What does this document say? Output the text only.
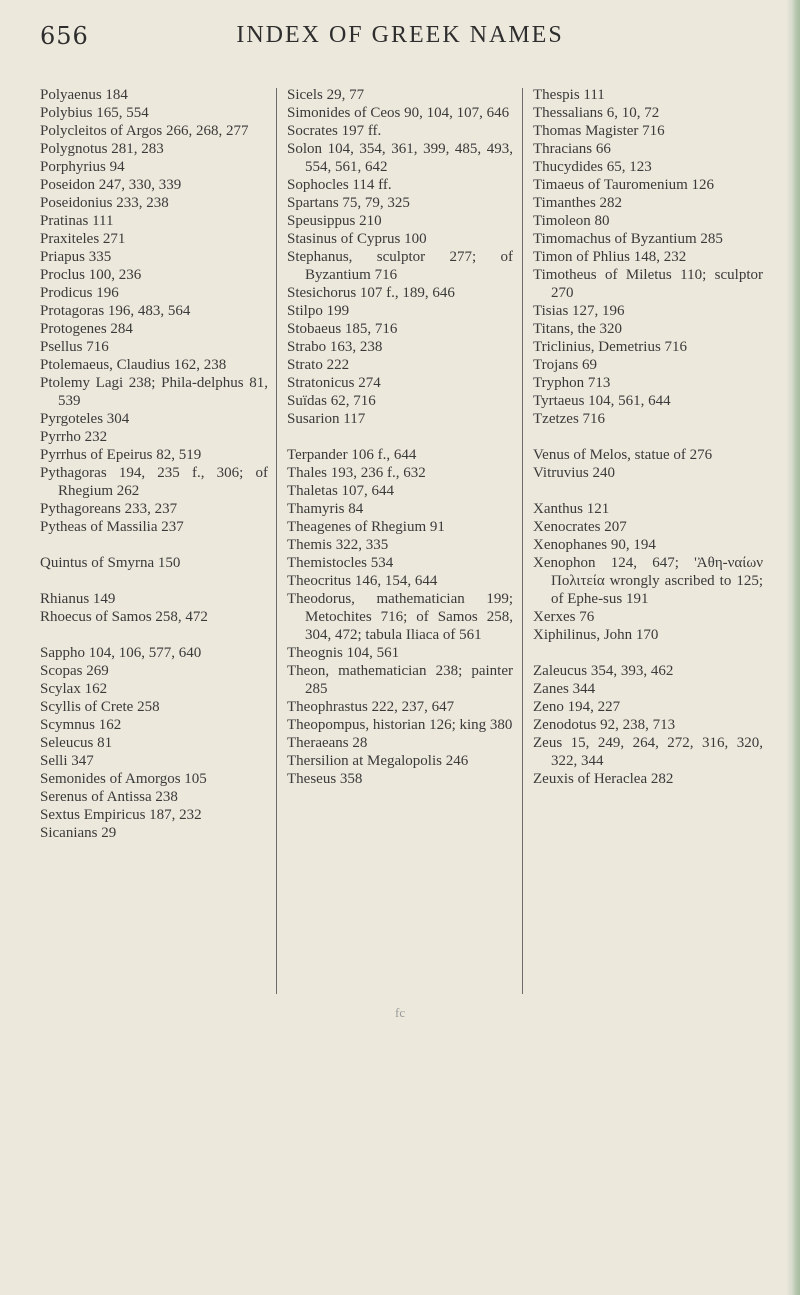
656	INDEX OF GREEK NAMES
Polyaenus 184
Polybius 165, 554
Polycleitos of Argos 266, 268, 277
Polygnotus 281, 283
Porphyrius 94
Poseidon 247, 330, 339
Poseidonius 233, 238
Pratinas 111
Praxiteles 271
Priapus 335
Proclus 100, 236
Prodicus 196
Protagoras 196, 483, 564
Protogenes 284
Psellus 716
Ptolemaeus, Claudius 162, 238
Ptolemy Lagi 238; Phila-delphus 81, 539
Pyrgoteles 304
Pyrrho 232
Pyrrhus of Epeirus 82, 519
Pythagoras 194, 235 f., 306; of Rhegium 262
Pythagoreans 233, 237
Pytheas of Massilia 237
Quintus of Smyrna 150
Rhianus 149
Rhoecus of Samos 258, 472
Sappho 104, 106, 577, 640
Scopas 269
Scylax 162
Scyllis of Crete 258
Scymnus 162
Seleucus 81
Selli 347
Semonides of Amorgos 105
Serenus of Antissa 238
Sextus Empiricus 187, 232
Sicanians 29
Sicels 29, 77
Simonides of Ceos 90, 104, 107, 646
Socrates 197 ff.
Solon 104, 354, 361, 399, 485, 493, 554, 561, 642
Sophocles 114 ff.
Spartans 75, 79, 325
Speusippus 210
Stasinus of Cyprus 100
Stephanus, sculptor 277; of Byzantium 716
Stesichorus 107 f., 189, 646
Stilpo 199
Stobaeus 185, 716
Strabo 163, 238
Strato 222
Stratonicus 274
Suïdas 62, 716
Susarion 117
Terpander 106 f., 644
Thales 193, 236 f., 632
Thaletas 107, 644
Thamyris 84
Theagenes of Rhegium 91
Themis 322, 335
Themistocles 534
Theocritus 146, 154, 644
Theodorus, mathematician 199; Metochites 716; of Samos 258, 304, 472; tabula Iliaca of 561
Theognis 104, 561
Theon, mathematician 238; painter 285
Theophrastus 222, 237, 647
Theopompus, historian 126; king 380
Theraeans 28
Thersilion at Megalopolis 246
Theseus 358
Thespis 111
Thessalians 6, 10, 72
Thomas Magister 716
Thracians 66
Thucydides 65, 123
Timaeus of Tauromenium 126
Timanthes 282
Timoleon 80
Timomachus of Byzantium 285
Timon of Phlius 148, 232
Timotheus of Miletus 110; sculptor 270
Tisias 127, 196
Titans, the 320
Triclinius, Demetrius 716
Trojans 69
Tryphon 713
Tyrtaeus 104, 561, 644
Tzetzes 716
Venus of Melos, statue of 276
Vitruvius 240
Xanthus 121
Xenocrates 207
Xenophanes 90, 194
Xenophon 124, 647; 'Ἀθη-ναίων Πολιτεία wrongly ascribed to 125; of Ephe-sus 191
Xerxes 76
Xiphilinus, John 170
Zaleucus 354, 393, 462
Zanes 344
Zeno 194, 227
Zenodotus 92, 238, 713
Zeus 15, 249, 264, 272, 316, 320, 322, 344
Zeuxis of Heraclea 282
fc
